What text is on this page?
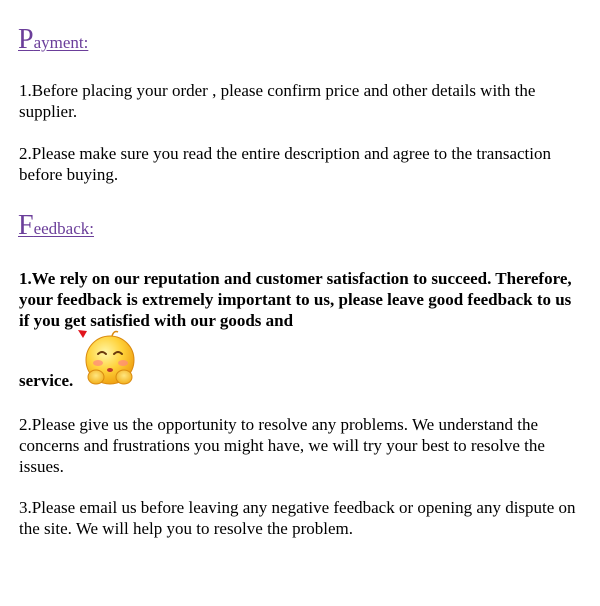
Payment:

1.Before placing your order , please confirm price and other details with the supplier.

2.Please make sure you read the entire description and agree to the transaction before buying.

Feedback:

1.We rely on our reputation and customer satisfaction to succeed. Therefore, your feedback is extremely important to us, please leave good feedback to us if you get satisfied with our goods and

service.

2.Please give us the opportunity to resolve any problems. We understand the concerns and frustrations you might have, we will try your best to resolve the issues.

3.Please email us before leaving any negative feedback or opening any dispute on the site. We will help you to resolve the problem.
